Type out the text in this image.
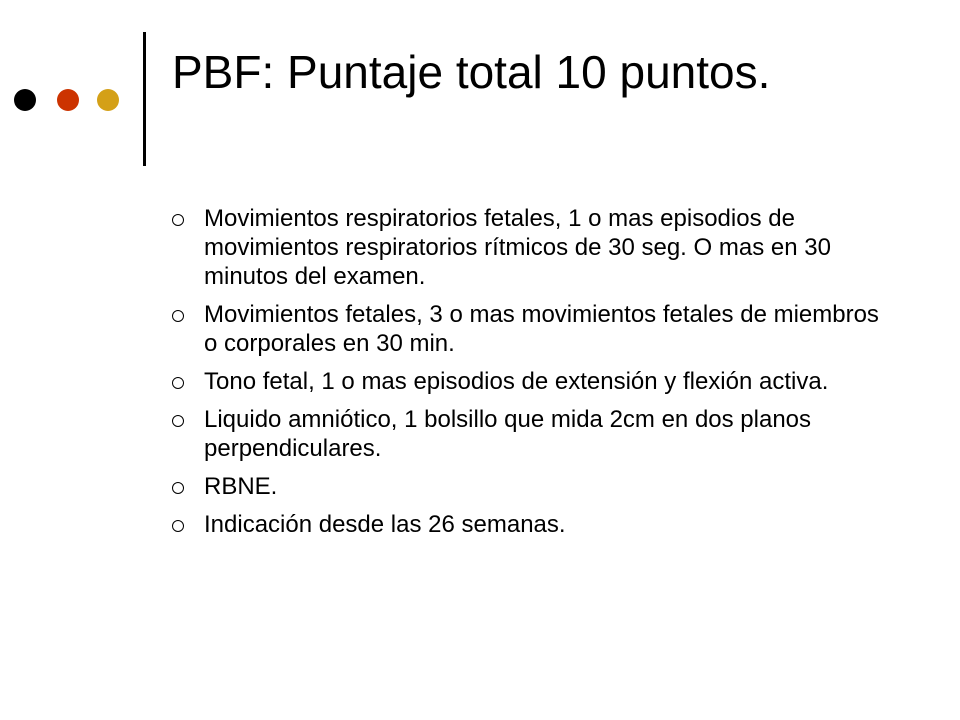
PBF: Puntaje total 10 puntos.
Movimientos respiratorios fetales, 1 o mas episodios de movimientos respiratorios rítmicos de 30 seg. O mas en 30 minutos del examen.
Movimientos fetales, 3 o mas movimientos fetales de miembros o corporales en 30 min.
Tono fetal, 1 o mas episodios de extensión y flexión activa.
Liquido amniótico, 1 bolsillo que mida 2cm en dos planos perpendiculares.
RBNE.
Indicación desde las 26 semanas.
